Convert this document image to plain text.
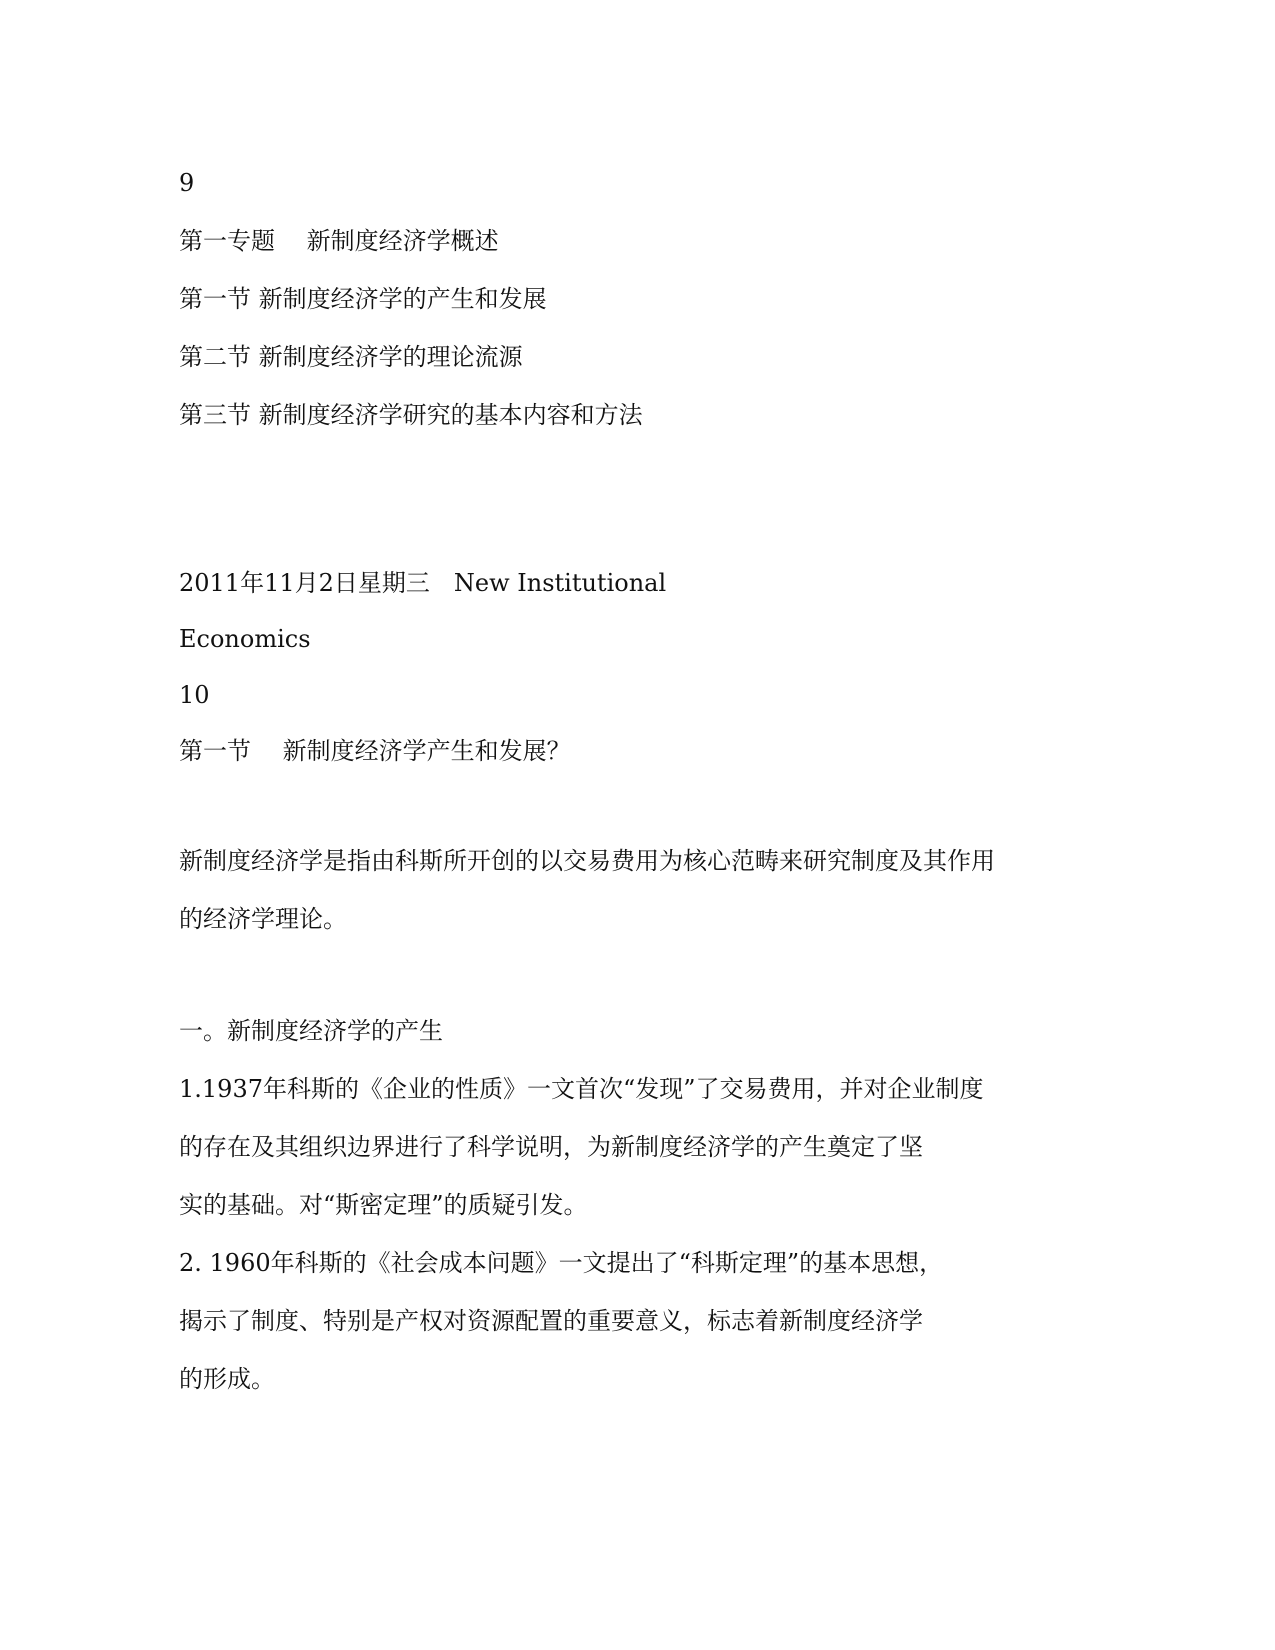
9
第一专题　 新制度经济学概述
第一节 新制度经济学的产生和发展
第二节 新制度经济学的理论流源
第三节 新制度经济学研究的基本内容和方法
2011年11月2日星期三　New Institutional
Economics
10
第一节　 新制度经济学产生和发展？
新制度经济学是指由科斯所开创的以交易费用为核心范畴来研究制度及其作用
的经济学理论。
一。新制度经济学的产生
1.1937年科斯的《企业的性质》一文首次“发现”了交易费用，并对企业制度
的存在及其组织边界进行了科学说明，为新制度经济学的产生奠定了坚
实的基础。对“斯密定理”的质疑引发。
2. 1960年科斯的《社会成本问题》一文提出了“科斯定理”的基本思想，
揭示了制度、特别是产权对资源配置的重要意义，标志着新制度经济学
的形成。
